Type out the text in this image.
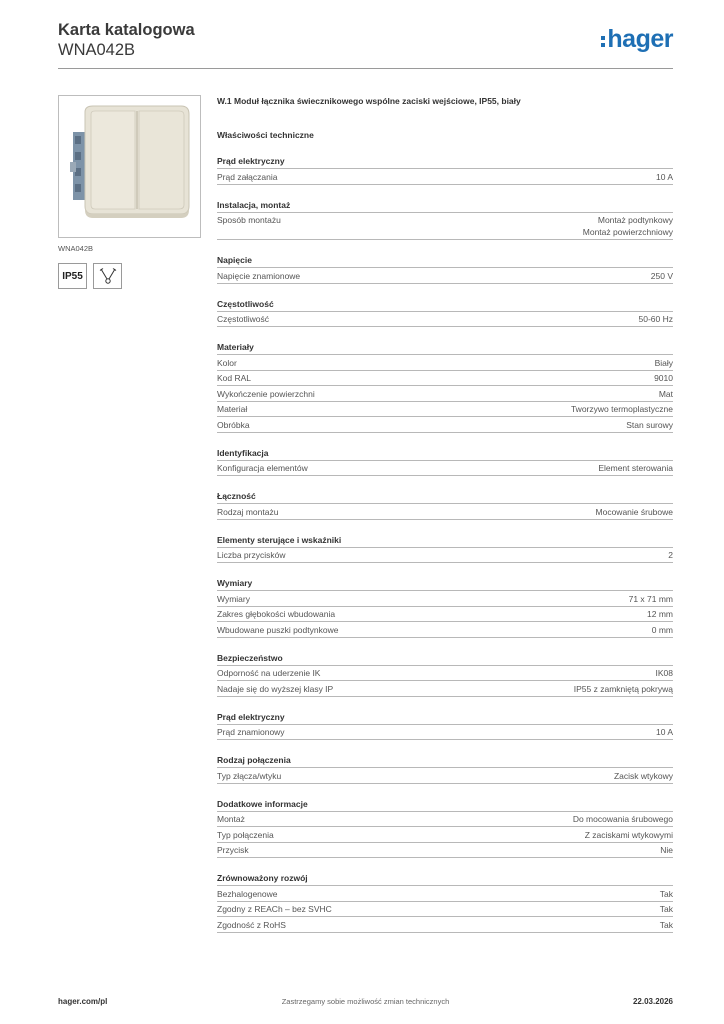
Karta katalogowa
WNA042B	hager
WNA042B
IP55
W.1 Moduł łącznika świecznikowego wspólne zaciski wejściowe, IP55, biały
Właściwości techniczne
Prąd elektryczny
Prąd załączania	10 A
Instalacja, montaż
Sposób montażu	Montaż podtynkowy
Montaż powierzchniowy
Napięcie
Napięcie znamionowe	250 V
Częstotliwość
Częstotliwość	50-60 Hz
Materiały
Kolor	Biały
Kod RAL	9010
Wykończenie powierzchni	Mat
Materiał	Tworzywo termoplastyczne
Obróbka	Stan surowy
Identyfikacja
Konfiguracja elementów	Element sterowania
Łączność
Rodzaj montażu	Mocowanie śrubowe
Elementy sterujące i wskaźniki
Liczba przycisków	2
Wymiary
Wymiary	71 x 71 mm
Zakres głębokości wbudowania	12 mm
Wbudowane puszki podtynkowe	0 mm
Bezpieczeństwo
Odporność na uderzenie IK	IK08
Nadaje się do wyższej klasy IP	IP55 z zamkniętą pokrywą
Prąd elektryczny
Prąd znamionowy	10 A
Rodzaj połączenia
Typ złącza/wtyku	Zacisk wtykowy
Dodatkowe informacje
Montaż	Do mocowania śrubowego
Typ połączenia	Z zaciskami wtykowymi
Przycisk	Nie
Zrównoważony rozwój
Bezhalogenowe	Tak
Zgodny z REACh – bez SVHC	Tak
Zgodność z RoHS	Tak
hager.com/pl	Zastrzegamy sobie możliwość zmian technicznych	22.03.2026
